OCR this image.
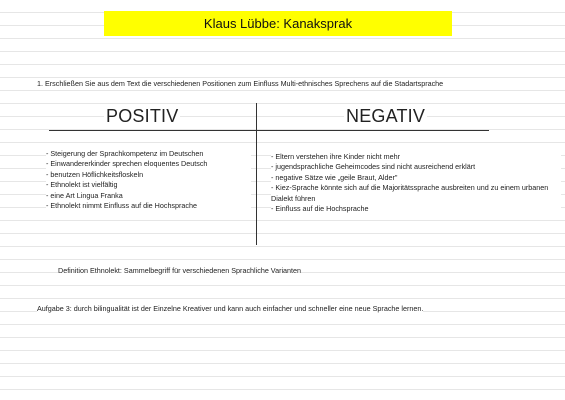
Klaus Lübbe: Kanaksprak
1. Erschließen Sie aus dem Text die verschiedenen Positionen zum Einfluss Multi-ethnisches Sprechens auf die Stadartsprache
POSITIV	NEGATIV
- Steigerung der Sprachkompetenz im Deutschen
- Einwandererkinder sprechen eloquentes Deutsch
- benutzen Höflichkeitsfloskeln
- Ethnolekt ist vielfältig
- eine Art Lingua Franka
- Ethnolekt nimmt Einfluss auf die Hochsprache
- Eltern verstehen ihre Kinder nicht mehr
- jugendsprachliche Geheimcodes sind nicht ausreichend erklärt
- negative Sätze wie „geile Braut, Alder"
- Kiez-Sprache könnte sich auf die Majoritätssprache ausbreiten und zu einem urbanen Dialekt führen
- Einfluss auf die Hochsprache
Definition Ethnolekt: Sammelbegriff für verschiedenen Sprachliche Varianten
Aufgabe 3: durch bilingualität ist der Einzelne Kreativer und kann auch einfacher und schneller eine neue Sprache lernen.
